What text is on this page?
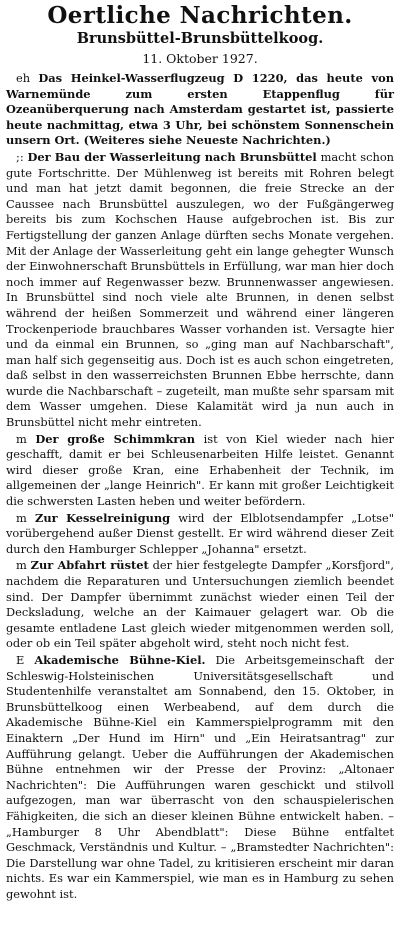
Oertliche Nachrichten.
Brunsbüttel-Brunsbüttelkoog.
11. Oktober 1927.

eh Das Heinkel-Wasserflugzeug D 1220, das heute von Warnemünde zum ersten Etappenflug für Ozeanüberquerung nach Amsterdam gestartet ist, passierte heute nachmittag, etwa 3 Uhr, bei schönstem Sonnenschein unsern Ort. (Weiteres siehe Neueste Nachrichten.)

;: Der Bau der Wasserleitung nach Brunsbüttel macht schon gute Fortschritte. Der Mühlenweg ist bereits mit Rohren belegt und man hat jetzt damit begonnen, die freie Strecke an der Caussee nach Brunsbüttel auszulegen, wo der Fußgängerweg bereits bis zum Kochschen Hause aufgebrochen ist. Bis zur Fertigstellung der ganzen Anlage dürften sechs Monate vergehen. Mit der Anlage der Wasserleitung geht ein lange gehegter Wunsch der Einwohnerschaft Brunsbüttels in Erfüllung, war man hier doch noch immer auf Regenwasser bezw. Brunnenwasser angewiesen. In Brunsbüttel sind noch viele alte Brunnen, in denen selbst während der heißen Sommerzeit und während einer längeren Trockenperiode brauchbares Wasser vorhanden ist. Versagte hier und da einmal ein Brunnen, so „ging man auf Nachbarschaft", man half sich gegenseitig aus. Doch ist es auch schon eingetreten, daß selbst in den wasserreichsten Brunnen Ebbe herrschte, dann wurde die Nachbarschaft – zugeteilt, man mußte sehr sparsam mit dem Wasser umgehen. Diese Kalamität wird ja nun auch in Brunsbüttel nicht mehr eintreten.

m Der große Schimmkran ist von Kiel wieder nach hier geschafft, damit er bei Schleusenarbeiten Hilfe leistet. Genannt wird dieser große Kran, eine Erhabenheit der Technik, im allgemeinen der „lange Heinrich". Er kann mit großer Leichtigkeit die schwersten Lasten heben und weiter befördern.

m Zur Kesselreinigung wird der Elblotsendampfer „Lotse" vorübergehend außer Dienst gestellt. Er wird während dieser Zeit durch den Hamburger Schlepper „Johanna" ersetzt.

m Zur Abfahrt rüstet der hier festgelegte Dampfer „Korsfjord", nachdem die Reparaturen und Untersuchungen ziemlich beendet sind. Der Dampfer übernimmt zunächst wieder einen Teil der Decksladung, welche an der Kaimauer gelagert war. Ob die gesamte entladene Last gleich wieder mitgenommen werden soll, oder ob ein Teil später abgeholt wird, steht noch nicht fest.

E Akademische Bühne-Kiel. Die Arbeitsgemeinschaft der Schleswig-Holsteinischen Universitätsgesellschaft und Studentenhilfe veranstaltet am Sonnabend, den 15. Oktober, in Brunsbüttelkoog einen Werbeabend, auf dem durch die Akademische Bühne-Kiel ein Kammerspielprogramm mit den Einaktern „Der Hund im Hirn" und „Ein Heiratsantrag" zur Aufführung gelangt. Ueber die Aufführungen der Akademischen Bühne entnehmen wir der Presse der Provinz: „Altonaer Nachrichten": Die Aufführungen waren geschickt und stilvoll aufgezogen, man war überrascht von den schauspielerischen Fähigkeiten, die sich an dieser kleinen Bühne entwickelt haben. – „Hamburger 8 Uhr Abendblatt": Diese Bühne entfaltet Geschmack, Verständnis und Kultur. – „Bramstedter Nachrichten": Die Darstellung war ohne Tadel, zu kritisieren erscheint mir daran nichts. Es war ein Kammerspiel, wie man es in Hamburg zu sehen gewohnt ist.
